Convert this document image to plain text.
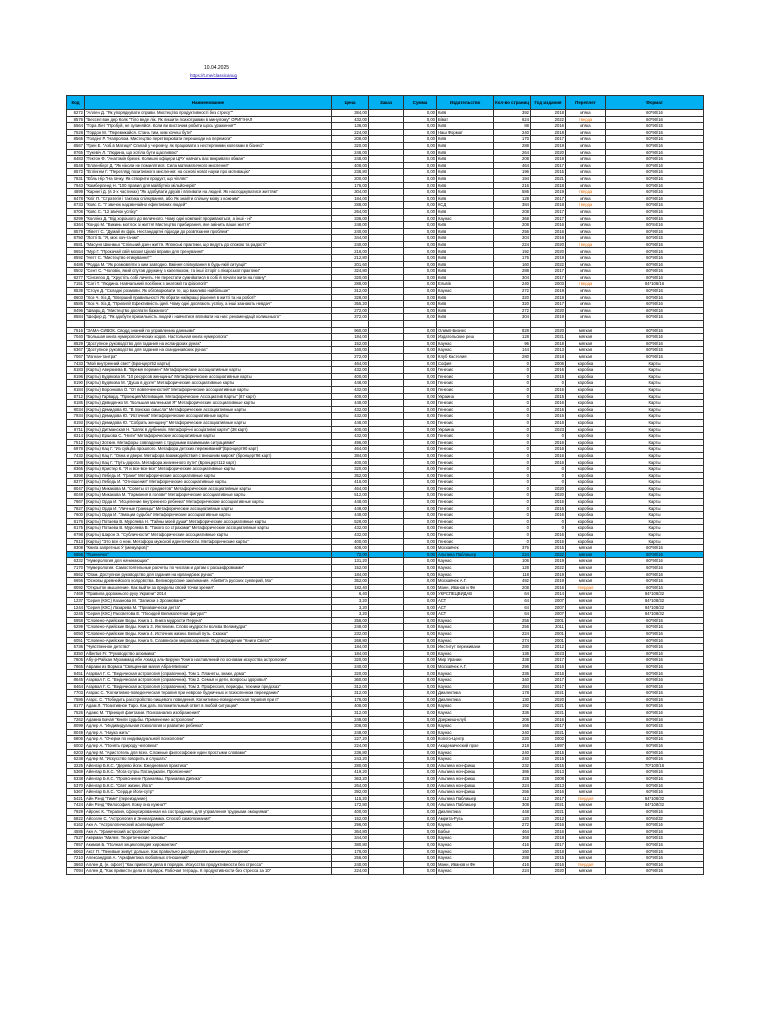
10.04.2025
https://t.me/classicanug
Код	Наименование	Цена	Заказ	Сумма	Издательство	Кол-во страниц	Год издания	Переплет	Формат
8272	"Аллен Д. "Як упорядкувати справи. Мистецтво продуктивності без стресу""	384,00		0,00	Київ	392	2018	м'яка	60*90/16
8576	"Бессел ван дер Колк "Тіло веде лік. Як лишити психотравми в минулому" ОРИГІНАЛ	432,00		0,00	Віват	624	2022	тверда	60*90/16
6564	"Гора Ліет "Пробуй, не зупиняйся. Коли ви вистачим робити щось ураження""	136,00		0,00	Київ	88	2016	м'яка	60*90/16
7528	"Гордон М. "Перемикайся. Стань тим, ким хочеш бути"	224,00		0,00	Наш Формат	240	2018	м'яка	60*90/16
8565	"Голдінг Р. "Напролом. Мистецтво перетворювати перешкоди на перемоги"	208,00		0,00	Київ	170	2017	м'яка	60*90/16
8567	"Грен Е. "Азб.в Матиця" Спигай у черемчу, як працювати з нестерпними колегами в бізнесі"	320,00		0,00	Київ	288	2019	м'яка	60*90/16
8765	"Гукевіч Л. "Людина, що хотіла бути щасливою"	248,00		0,00	Київ	264	2020	м'яка	60*90/16
8483	"Гектон Ф. "Анатомія брехні. Колишні офіцери ЦРУ навчать вас викривати обман"	248,00		0,00	Київ	208	2019	м'яка	60*90/16
8548	"Елленберг Д. "Як ніколи не помилятися. Сила математичного мислення"	408,00		0,00	Київ	464	2017	м'яка	60*90/16
8572	"Еглінгем Г. "Переглядj позитивного мислення: на основі нової науки про мотивацію"	236,80		0,00	Київ	196	2015	м'яка	60*90/16
7831	"Ебль Нір "На гачку. Як створити продукт, що чіпляє"	200,00		0,00	Київ	194	2021	м'яка	60*90/16
7943	"Камберленд Н. "100 правил для майбутніх мільйонерів"	176,00		0,00	Київ	216	2018	м'яка	60*90/16
4899	"Карнегі Д. (в 3-х частинах) "Як здобувати друзів і впливати на людей. Як наслоджуватися життям"	304,00		0,00	Київ	586	2019	тверда	60*90/16
8478	"Кліг П. "Стратегія і тактика спілкування, або Як знайти спільну мову з кожним"	184,00		0,00	Київ	128	2017	м'яка	60*90/16
8733	"Ковс С. "7 звичок надзвичайно ефективних людей"	288,00		0,00	КСД	384	2018	тверда	60*90/16
8706	"Ковс С. "12 звичок успіху"	264,00		0,00	Київ	208	2017	м'яка	60*90/16
8299	"Коллінз Д. "Від хорошого до величного. Чому одні компанії прориваються, а інші - ні"	336,00		0,00	Каунас	368	2017	м'яка	60*90/16
8364	"Кондо М. "Викинь мотлох зі життя! Мистецтво прибирання, яке змінить ваше життя"	248,00		0,00	Київ	208	2016	м'яка	60*84/16
8579	"Ліветт С. "Думай як фрік. Нестандартні підходи до розв'язання проблем"	240,00		0,00	Київ	256	2016	м'яка	60*90/16
8750	"Лотті Б. "Я, моє хоч-та-ми"	344,00		0,00	Київ	304	2016	м'яка	60*90/16
8581	"Масуно Шюнмьо "Спільний дзен життя. Японські практики, що ведуть до спокою та радості"	240,00		0,00	Київ	224	2020	тверда	60*90/16
8654	"Мур Г. "Прокачай свій мозок! Цікаві вправи для тренування"	216,00		0,00	Київ	192	2020	м'яка	60*90/16
8592	"Нетт С. "Мистецтво етикування""	212,80		0,00	Київ	176	2019	м'яка	60*90/16
8486	"Родда М. "Як розмовляти з ким завгодно. Вміння спілкування в будь-якій ситуації"	201,60		0,00	Київ	160	2022	м'яка	60*90/16
8502	"Сент С. "Чоловік, який спутав дружину з капелюхом, та інші історії з лікарської практики"	324,80		0,00	Київ	288	2017	м'яка	60*90/16
8277	"Сінселоо Д. "Хрустіть собі личить. Не перестати сумніватися в собі й почати жити на повну"	320,00		0,00	Київ	304	2017	м'яка	60*90/16
7151	"Саті Т. "Людина. Навчальний посібник з анатомії та фізіології"	288,00		0,00	Ельвів	240	2003	тверда	84*108/16
8539	"Стоун Д. "Складні розмови. Як обговорювати те, що важливо найбільше"	312,00		0,00	Каунас	272	2019	м'яка	60*90/16
8603	"Хоз Ч. Хіз Д. "Вперший правильності Як обрати найкращі рішення в житті та на роботі"	328,00		0,00	Київ	320	2018	м'яка	60*90/16
8585	"Хоз Ч. Хіз Д. "Прилипі! Ефективність ідей. Чому одні досягають успіху, а інші зазнають невдач"	355,20		0,00	Київ	320	2017	м'яка	60*90/16
8496	"Шварц Д. "Мистецтво досягати бажаного"	272,00		0,00	Київ	272	2020	м'яка	60*90/16
8584	"Шефер Д. "Як здобути прихильність людей і навчитися впливати на них: рекомендації колишнього"	372,00		0,00	Київ	304	2019	м'яка	60*90/16

7516	"ЗАМА-СИВОК. Сводд знаний по управлению данными"	960,00		0,00	Олимп-Бизнес	828	2020	мягкая	60*90/16
7040	"Большая книга нумерологических кодов. Настольная книга нумеролога"	184,00		0,00	Издательские реш	128	2021	мягкая	60*90/16
8529	"Доступное руководство для гадания на исландских рунах"	152,00		0,00	Каунас	96	2018	мягкая	60*90/16
6367	"Доступное руководство для гадания на скандинавских рунах"	160,00		0,00	Каунас	144	2013	мягкая	60*90/16
7067	"Изгнан-тантра"	272,00		0,00	Клуб Кастелия	280	2018	мягкая	60*90/16
7433	"Мой внутренний свет" (Бронцерт52 карты)	464,00		0,00	София	0	2006	коробка	Карты
8183	(Карты) Аверкиева В. "Время перемен" Метафорические ассоциативные карты	432,00		0,00	Генезис	0	2016	коробка	Карты
8196	(Карты) Будякова М. "10 ресурсов женщины" Метафорические ассоциативные карты	400,00		0,00	Генезис	0	2015	коробка	Карты
8190	(Карты) Будякова М. "Душа в дуэте" Метафорические ассоциативные карты	448,00		0,00	Генезис	0	0	коробка	Карты
8184	(Карты) Воронкова О. "От вовлеченностей" Метафорические ассоциативные карты	432,00		0,00	Генезис	0	2016	коробка	Карты
8712	(Карты) Гарвард. "Проекция/Мотивация. Метафорические Ассоциатив Карты" (67 карт)	400,00		0,00	Украина	0	2015	коробка	Карты
8185	(Карты) Девиденко М. "Большая маленькая Я" Метафорические ассоциативные карты	448,00		0,00	Генезис	0	2016	коробка	Карты
8034	(Карты) Демидова Ю. "В поисках смысла" Метафорические ассоциативные карты	432,00		0,00	Генезис	0	2016	коробка	Карты
7934	(Карты) Демидова Ю. "Источник" Метафорические ассоциативные карты	432,00		0,00	Генезис	0	2016	коробка	Карты
8193	(Карты) Демидова Ю. "Собрать женщину" Метафорические ассоциативные карты	448,00		0,00	Генезис	0	2016	коробка	Карты
8711	(Карты) Дитманская Н. "Шлях в дубінихіх. Метафорічні асоціативні карти" (38 карт)	400,00		0,00	Украина	0	2023	коробка	Карты
8314	(Карты) Ершова С. "Нити" Метафорические ассоциативные карты	432,00		0,00	Генезис	0	0	коробка	Карты
7512	(Карты) Зоткин. Метафоры совпадения с трудными взаимными ситуациями"	496,00		0,00	Генезис	0	2016	коробка	Карты
6978	(Карты) Кац Г. "Из суйцба прошлого. Метафора детских переживаний"(Бронцерт90 карт)	464,00		0,00	Генезис	0	2016	коробка	Карты
7432	(Карты) Кац Г. "Окна и двери. Метафора взаимодействия с внешним миром" (бронцерт96 карт)	384,00		0,00	Генезис	0	2016	коробка	Карты
7188	(Карты) Кац Г. "Путь-дорога. Метафора жизненного пути" (Бронцерт112 карт)	400,00		0,00	Генезис	0	2016	коробка	Карты
8365	(Карты) Кристер К. "Я и все-все-все" Метафорические ассоциативные карты	320,00		0,00	Генезис	0	0	коробка	Карты
8398	(Карты) Лебедь И. "Грани" Метафорические ассоциативные карты	352,00		0,00	Генезис	0	0	коробка	Карты
8377	(Карты) Лебедь И. "Отношения" Метафорические ассоциативные карты	416,00		0,00	Генезис	0	0	коробка	Карты
8047	(Карты) Микакова М. "Советы от предметов" Метафорические ассоциативные карты	464,00		0,00	Генезис	0	2020	коробка	Карты
8049	(Карты) Микакова М. "Гармония в голове" Метафорические ассоциативные карты	512,00		0,00	Генезис	0	2020	коробка	Карты
7867	(Карты) Орда И. "Исцеление внутреннего ребенка" Метафорические ассоциативные карты	448,00		0,00	Генезис	0	2016	коробка	Карты
7827	(Карты) Орда И. "Личные Границы" Метафорические ассоциативные карты	448,00		0,00	Генезис	0	2016	коробка	Карты
7600	(Карты) Орда И. "Эмоции судьбы" Метафорические ассоциативные карты	448,00		0,00	Генезис	0	2016	коробка	Карты
8176	(Карты) Потаева В. Мурсяева Н. "Тайны моей души" Метафорические ассоциативные карты	528,00		0,00	Генезис	0	0	коробка	Карты
8175	(Карты) Потаева В. Мурсяева В. "Такого со страхами" Метафорические ассоциативные карты	432,00		0,00	Генезис	0	0	коробка	Карты
8798	(Карты) Шарон Э. "Субличности" Метафорические ассоциативные карты	432,00		0,00	Генезис	0	2016	коробка	Карты
7513	(Карты) "Это все о нем. Метафора мужской идентичности. Метафорические карты"	400,00		0,00	Генезис	0	2016	коробка	Карты
8308	"Книга запретных Ў (мемуаров)"	408,00		0,00	Москавчек	376	2015	мягкая	60*90/16
5856	"Пшеничко"	72,00		0,00	Альпина Паблишер	224	2022	мягкая	60*90/16
6332	"Нумерология для начинающих"	131,20		0,00	Каунас	106	2019	мягкая	60*90/16
7170	"Нумерология. Самостоятельные расчеты по числам и датам с расшифровками"	152,00		0,00	Каунас	128	2022	мягкая	60*90/16
8562	"Огам. Доступное руководство для гадания на ирландских рунах"	184,00		0,00	Каунас	118	2019	мягкая	60*90/16
6656	"Основы древнейского колдовства. Великорусские заклинания. AбеВеГа русских суеверий, Ма"	352,00		0,00	Москавчек А.Г.	492	2019	мягкая	60*90/16
8092	"Открытое мышление. Как выйти за пределы своей точки зрения"	182,40		0,00	Манн, Иванов и Фе	208	2016	твердая	60*90/16
7469	"Правила дорожнього руху України" 2014	6,40		0,00	УКРСПЕЦВИДАВ	64	2014	мягкая	84*108/32
1237	"Серия (КХС) Казанова М. "Записки з Зрозмоване""	3,20		0,00	АСТ	64	2007	мягкая	84*108/32
1244	"Серия (КХС) Лазарева М. "Призванчески дегта"	3,20		0,00	АСТ	64	2007	мягкая	84*108/32
3245	"Серия (КХС) Рассветова Е. "Посидей Великолетная фигура""	3,20		0,00	АСТ	64	2007	мягкая	84*108/32
5958	"Словено-Арийские Веды. Книга 1. Книга мудрости Перуна"	256,00		0,00	Каунас	256	2001	мягкая	60*90/16
6299	"Словено-Арийские Веды. Книга 3. Инглиизм. Слово мудрости волхва Велимудра"	248,00		0,00	Каунас	256	2011	мягкая	60*90/16
6050	"Словено-Арийские Веды. Книга 4. Источник жизни. Белый путь. Сказка"	232,00		0,00	Каунас	224	2001	мягкая	60*90/16
6051	"Словено-Арийские Веды. Книга 5. Славянское мировоззрение. Подтверждение "Книги Света""	268,80		0,00	Каунас	274	2001	мягкая	60*90/16
5736	"Чувственное детство"	184,00		0,00	Институт переживани	280	2012	мягкая	60*90/16
8350	Albertus Fr. "Руководство алхимика"	184,00		0,00	Каунас	136	2023	мягкая	60*90/16
7805	Абу-р-Райхан Мухаммад ибн Ахмад аль-Бируни "Книга наставлений по основам искусства астрологии"	320,00		0,00	Мир Урании	338	2017	мягкая	60*90/16
7865	Аврами из Вормса "Священная магия Абра-Мелина"	240,00		0,00	Москавчек А.Г.	296	2016	мягкая	60*90/16
8451	Агарвал Г. С. "Ведическая астрология (справочник). Том 1. Планеты, знаки, дома"	320,00		0,00	Каунас	336	2016	мягкая	60*90/16
8645	Агарвал Г. С. "Ведическая астрология (справочник). Том 2. Семья и дети, вопросы здоровья"	360,00		0,00	Каунас	340	2017	мягкая	60*90/16
8464	Агарвал Г. С. "Ведическая астрология (справочник). Том 3. Профессия, периоды, техники предсказ"	312,00		0,00	Каунас	284	2017	мягкая	60*90/16
7703	Агарас С. "Когнитивно-поведенческая терапия при неврозе будничных и психогенном переедании"	312,00		0,00	Диалектика	178	2021	мягкая	60*90/16
7586	Агарс. С. "Победить расстройство пищевого поведения. Когнитивно-поведенческая терапия при п"	176,00		0,00	Диалектика	130	2020	мягкая	60*90/16
8177	Адам Л. "Позитивное Таро. Как дать положительный ответ в любой ситуации"	408,00		0,00	Каунас	192	2021	мягкая	60*90/16
7526	Адамс М. "Принцип фантазии. Психоанализ изображения"	312,00		0,00	Каунас	336	2021	мягкая	60*90/16
7262	Адамна Бачая "Книги судьбы. Применение астрологии"	248,00		0,00	Дзержиш-клуб	206	2016	мягкая	60*90/16
8099	Адлер А. "Индивидуальная психология и развитие ребенка"	208,00		0,00	Каунас	166	2017	мягкая	60*90/16
8049	Адлер А. "Наука жить"	248,00		0,00	Каунас	240	2021	мягкая	60*90/16
6806	Адлер А. "Очерки по индивидуальной психологии"	227,20		0,00	Когито-Центр	220	2002	мягкая	60*90/16
6002	Адлер А. "Понять природу человека"	224,00		0,00	Академический прое	218	1997	мягкая	60*90/16
6203	Адлер М. "Аристотель для всех. Сложные философские идеи простыми словами"	236,80		0,00	Каунас	240	2015	мягкая	60*90/16
6238	Адлер М. "Искусство говорить и слушать"	243,20		0,00	Каунас	240	2015	мягкая	60*90/16
3225	Айенгар Б.К.С. "Дерево йоги. Ежедневная практика"	280,00		0,00	Альпина нон-фикш	232	2015	мягкая	70*100/16
5369	Айенгар Б.К.С. "Йога-сутры Патанджали. Прояснение"	419,20		0,00	Альпина нон-фикш	386	2013	мягкая	60*90/16
5338	Айенгар Б.К.С. "Прояснение Пранаямы. Пранаяма Дипика"	363,20		0,00	Альпина нон-фикш	328	2008	мягкая	60*90/16
5370	Айенгар Б.К.С. "Свет жизни. Йога"	264,00		0,00	Альпина нон-фикш	224	2013	мягкая	60*90/16
5367	Айенгар Б.К.С. "Сердце Йоги-сутр"	392,00		0,00	Альпина нон-фикш	256	2016	мягкая	60*90/16
5421	Айн Рэнд "Гимн" (переиздание)	115,20		0,00	Альпина Паблишер	112	2017	твердая	84*108/32
7424	Айн Рэнд "Философия. Кому она нужна?"	172,80		0,00	Альпина Паблишер	308	2021	мягкая	84*108/32
7929	Айронс К. "Терапия, сфокусированная на сострадании, для управления трудными эмоциями"	400,00		0,00	Диалектика	448	2021	мягкая	60*90/16
5822	Айсселе С. "Астрология и Эннеаграмма. Способ самопознания"	152,00		0,00	Амрита-Русь	120	2012	мягкая	60*84/32
8162	Акн А. "Астрологический асилевидения"	296,00		0,00	Каунас	272	2016	мягкая	60*90/16
4585	Акн А. "Уранический астрологии"	364,80		0,00	Бабье	464	2016	мягкая	60*90/16
7527	Акерман "Милея. Теоретические основы"	344,00		0,00	Каунас	368	2018	мягкая	60*90/16
7857	Акимов Б. "Полная энциклопедия хиромантии"	380,80		0,00	Каунас	416	2017	мягкая	60*90/16
6063	Акст П. "Пенивые живут дольше. Как правильно распределять жизненную энергию"	176,00		0,00	Каунас	160	2018	мягкая	60*90/16
7210	Александров А. "Арифметика любовных отношений"	256,00		0,00	Каунас	288	2015	мягкая	60*90/16
3663	Аллен Д. (н. офсет) "Как привести дела в порядок. Искусство продуктивности без стресса"	240,00		0,00	Манн, Иванов и Фе	416	2016	твердая	60*90/16
7094	Аллен Д. "Как привести дела в порядок. Рабочая тетрадь. К продуктивности без стресса за 10"	224,00		0,00	Каунас	224	2020	мягкая	60*90/16
